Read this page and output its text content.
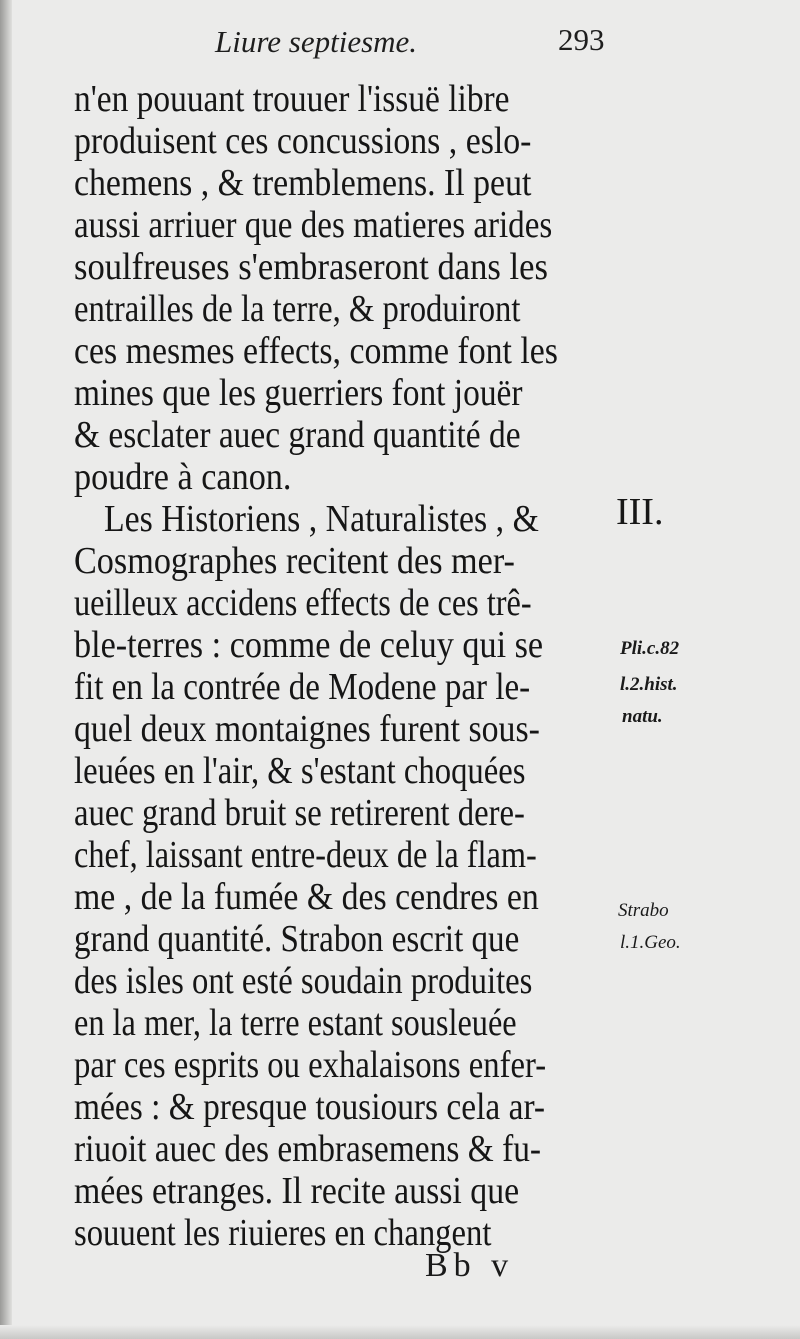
Liure septiesme.	293
n'en pouuant trouuer l'issuë libre
produisent ces concussions , eslo-
chemens , & tremblemens. Il peut
aussi arriuer que des matieres arides
soulfreuses s'embraseront dans les
entrailles de la terre, & produiront
ces mesmes effects, comme font les
mines que les guerriers font jouër
& esclater auec grand quantité de
poudre à canon.
Les Historiens , Naturalistes , &
Cosmographes recitent des mer-
ueilleux accidens effects de ces trê-
ble-terres : comme de celuy qui se
fit en la contrée de Modene par le-
quel deux montaignes furent sous-
leuées en l'air, & s'estant choquées
auec grand bruit se retirerent dere-
chef, laissant entre-deux de la flam-
me , de la fumée & des cendres en
grand quantité. Strabon escrit que
des isles ont esté soudain produites
en la mer, la terre estant sousleuée
par ces esprits ou exhalaisons enfer-
mées : & presque tousiours cela ar-
riuoit auec des embrasemens & fu-
mées etranges. Il recite aussi que
souuent les riuieres en changent
III.
Pli.c.82
l.2.hist.
natu.
Strabo
l.1.Geo.
Bb v
